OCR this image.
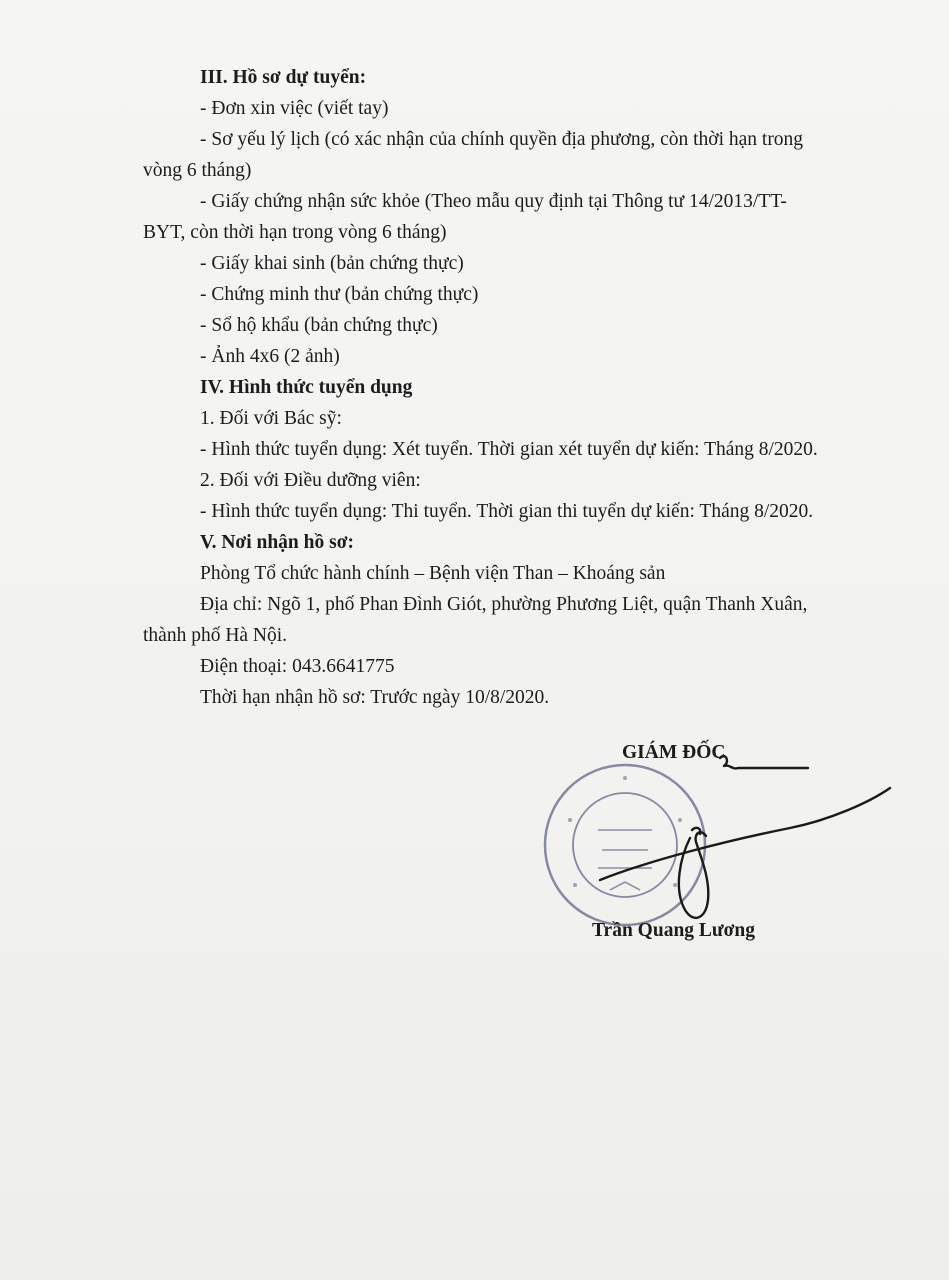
III. Hồ sơ dự tuyển:
- Đơn xin việc (viết tay)
- Sơ yếu lý lịch (có xác nhận của chính quyền địa phương, còn thời hạn trong
vòng 6 tháng)
- Giấy chứng nhận sức khỏe (Theo mẫu quy định tại Thông tư 14/2013/TT-
BYT, còn thời hạn trong vòng 6 tháng)
- Giấy khai sinh (bản chứng thực)
- Chứng minh thư (bản chứng thực)
- Sổ hộ khẩu (bản chứng thực)
- Ảnh 4x6 (2 ảnh)
IV. Hình thức tuyển dụng
1. Đối với Bác sỹ:
- Hình thức tuyển dụng: Xét tuyển. Thời gian xét tuyển dự kiến: Tháng 8/2020.
2. Đối với Điều dưỡng viên:
- Hình thức tuyển dụng: Thi tuyển. Thời gian thi tuyển dự kiến: Tháng 8/2020.
V. Nơi nhận hồ sơ:
Phòng Tổ chức hành chính – Bệnh viện Than – Khoáng sản
Địa chỉ: Ngõ 1, phố Phan Đình Giót, phường Phương Liệt, quận Thanh Xuân,
thành phố Hà Nội.
Điện thoại: 043.6641775
Thời hạn nhận hồ sơ: Trước ngày 10/8/2020.
GIÁM ĐỐC
Trần Quang Lương
